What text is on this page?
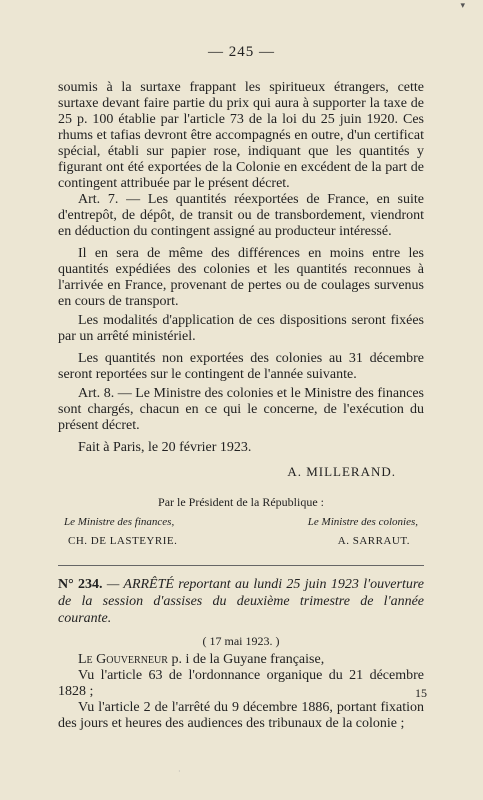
▾
— 245 —

soumis à la surtaxe frappant les spiritueux étrangers, cette surtaxe devant faire partie du prix qui aura à supporter la taxe de 25 p. 100 établie par l'article 73 de la loi du 25 juin 1920. Ces rhums et tafias devront être accompagnés en outre, d'un certificat spécial, établi sur papier rose, indiquant que les quantités y figurant ont été exportées de la Colonie en excédent de la part de contingent attribuée par le présent décret.

Art. 7. — Les quantités réexportées de France, en suite d'entrepôt, de dépôt, de transit ou de transbordement, viendront en déduction du contingent assigné au producteur intéressé.

Il en sera de même des différences en moins entre les quantités expédiées des colonies et les quantités reconnues à l'arrivée en France, provenant de pertes ou de coulages survenus en cours de transport.

Les modalités d'application de ces dispositions seront fixées par un arrêté ministériel.

Les quantités non exportées des colonies au 31 décembre seront reportées sur le contingent de l'année suivante.

Art. 8. — Le Ministre des colonies et le Ministre des finances sont chargés, chacun en ce qui le concerne, de l'exécution du présent décret.

Fait à Paris, le 20 février 1923.

A. MILLERAND.
Par le Président de la République :
Le Ministre des finances,	Le Ministre des colonies,
CH. DE LASTEYRIE.	A. SARRAUT.

N° 234. — ARRÊTÉ reportant au lundi 25 juin 1923 l'ouverture de la session d'assises du deuxième trimestre de l'année courante.

( 17 mai 1923. )

Le Gouverneur p. i de la Guyane française,

Vu l'article 63 de l'ordonnance organique du 21 décembre 1828 ;

Vu l'article 2 de l'arrêté du 9 décembre 1886, portant fixation des jours et heures des audiences des tribunaux de la colonie ;

15
·
